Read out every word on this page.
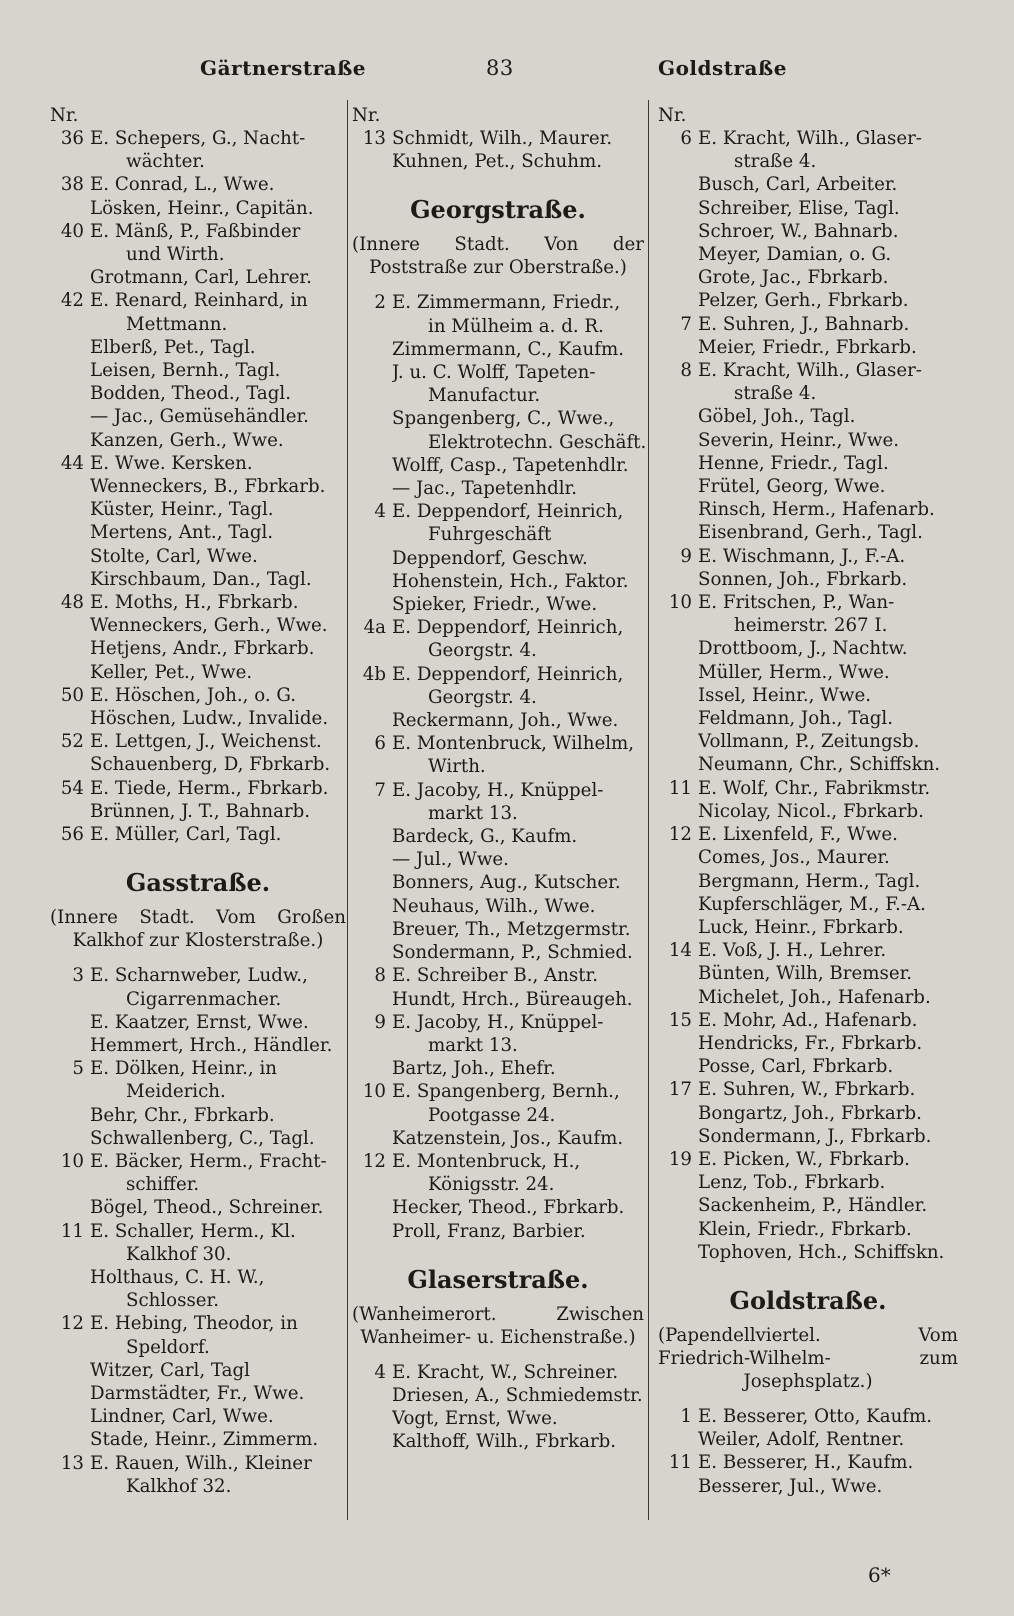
Gärtnerstraße	83	Goldstraße
Nr.
36 E. Schepers, G., Nacht-
wächter.
38 E. Conrad, L., Wwe.
Lösken, Heinr., Capitän.
40 E. Mänß, P., Faßbinder
und Wirth.
Grotmann, Carl, Lehrer.
42 E. Renard, Reinhard, in
Mettmann.
Elberß, Pet., Tagl.
Leisen, Bernh., Tagl.
Bodden, Theod., Tagl.
— Jac., Gemüsehändler.
Kanzen, Gerh., Wwe.
44 E. Wwe. Kersken.
Wenneckers, B., Fbrkarb.
Küster, Heinr., Tagl.
Mertens, Ant., Tagl.
Stolte, Carl, Wwe.
Kirschbaum, Dan., Tagl.
48 E. Moths, H., Fbrkarb.
Wenneckers, Gerh., Wwe.
Hetjens, Andr., Fbrkarb.
Keller, Pet., Wwe.
50 E. Höschen, Joh., o. G.
Höschen, Ludw., Invalide.
52 E. Lettgen, J., Weichenst.
Schauenberg, D, Fbrkarb.
54 E. Tiede, Herm., Fbrkarb.
Brünnen, J. T., Bahnarb.
56 E. Müller, Carl, Tagl.
Gasstraße.
(Innere Stadt. Vom Großen
Kalkhof zur Klosterstraße.)
3 E. Scharnweber, Ludw.,
Cigarrenmacher.
E. Kaatzer, Ernst, Wwe.
Hemmert, Hrch., Händler.
5 E. Dölken, Heinr., in
Meiderich.
Behr, Chr., Fbrkarb.
Schwallenberg, C., Tagl.
10 E. Bäcker, Herm., Fracht-
schiffer.
Bögel, Theod., Schreiner.
11 E. Schaller, Herm., Kl.
Kalkhof 30.
Holthaus, C. H. W.,
Schlosser.
12 E. Hebing, Theodor, in
Speldorf.
Witzer, Carl, Tagl
Darmstädter, Fr., Wwe.
Lindner, Carl, Wwe.
Stade, Heinr., Zimmerm.
13 E. Rauen, Wilh., Kleiner
Kalkhof 32.
Nr.
13 Schmidt, Wilh., Maurer.
Kuhnen, Pet., Schuhm.
Georgstraße.
(Innere Stadt. Von der
Poststraße zur Oberstraße.)
2 E. Zimmermann, Friedr.,
in Mülheim a. d. R.
Zimmermann, C., Kaufm.
J. u. C. Wolff, Tapeten-
Manufactur.
Spangenberg, C., Wwe.,
Elektrotechn. Geschäft.
Wolff, Casp., Tapetenhdlr.
— Jac., Tapetenhdlr.
4 E. Deppendorf, Heinrich,
Fuhrgeschäft
Deppendorf, Geschw.
Hohenstein, Hch., Faktor.
Spieker, Friedr., Wwe.
4a E. Deppendorf, Heinrich,
Georgstr. 4.
4b E. Deppendorf, Heinrich,
Georgstr. 4.
Reckermann, Joh., Wwe.
6 E. Montenbruck, Wilhelm,
Wirth.
7 E. Jacoby, H., Knüppel-
markt 13.
Bardeck, G., Kaufm.
— Jul., Wwe.
Bonners, Aug., Kutscher.
Neuhaus, Wilh., Wwe.
Breuer, Th., Metzgermstr.
Sondermann, P., Schmied.
8 E. Schreiber B., Anstr.
Hundt, Hrch., Büreaugeh.
9 E. Jacoby, H., Knüppel-
markt 13.
Bartz, Joh., Ehefr.
10 E. Spangenberg, Bernh.,
Pootgasse 24.
Katzenstein, Jos., Kaufm.
12 E. Montenbruck, H.,
Königsstr. 24.
Hecker, Theod., Fbrkarb.
Proll, Franz, Barbier.
Glaserstraße.
(Wanheimerort. Zwischen
Wanheimer- u. Eichenstraße.)
4 E. Kracht, W., Schreiner.
Driesen, A., Schmiedemstr.
Vogt, Ernst, Wwe.
Kalthoff, Wilh., Fbrkarb.
Nr.
6 E. Kracht, Wilh., Glaser-
straße 4.
Busch, Carl, Arbeiter.
Schreiber, Elise, Tagl.
Schroer, W., Bahnarb.
Meyer, Damian, o. G.
Grote, Jac., Fbrkarb.
Pelzer, Gerh., Fbrkarb.
7 E. Suhren, J., Bahnarb.
Meier, Friedr., Fbrkarb.
8 E. Kracht, Wilh., Glaser-
straße 4.
Göbel, Joh., Tagl.
Severin, Heinr., Wwe.
Henne, Friedr., Tagl.
Frütel, Georg, Wwe.
Rinsch, Herm., Hafenarb.
Eisenbrand, Gerh., Tagl.
9 E. Wischmann, J., F.-A.
Sonnen, Joh., Fbrkarb.
10 E. Fritschen, P., Wan-
heimerstr. 267 I.
Drottboom, J., Nachtw.
Müller, Herm., Wwe.
Issel, Heinr., Wwe.
Feldmann, Joh., Tagl.
Vollmann, P., Zeitungsb.
Neumann, Chr., Schiffskn.
11 E. Wolf, Chr., Fabrikmstr.
Nicolay, Nicol., Fbrkarb.
12 E. Lixenfeld, F., Wwe.
Comes, Jos., Maurer.
Bergmann, Herm., Tagl.
Kupferschläger, M., F.-A.
Luck, Heinr., Fbrkarb.
14 E. Voß, J. H., Lehrer.
Bünten, Wilh, Bremser.
Michelet, Joh., Hafenarb.
15 E. Mohr, Ad., Hafenarb.
Hendricks, Fr., Fbrkarb.
Posse, Carl, Fbrkarb.
17 E. Suhren, W., Fbrkarb.
Bongartz, Joh., Fbrkarb.
Sondermann, J., Fbrkarb.
19 E. Picken, W., Fbrkarb.
Lenz, Tob., Fbrkarb.
Sackenheim, P., Händler.
Klein, Friedr., Fbrkarb.
Tophoven, Hch., Schiffskn.
Goldstraße.
(Papendellviertel. Vom
Friedrich-Wilhelm- zum
Josephsplatz.)
1 E. Besserer, Otto, Kaufm.
Weiler, Adolf, Rentner.
11 E. Besserer, H., Kaufm.
Besserer, Jul., Wwe.
6*
